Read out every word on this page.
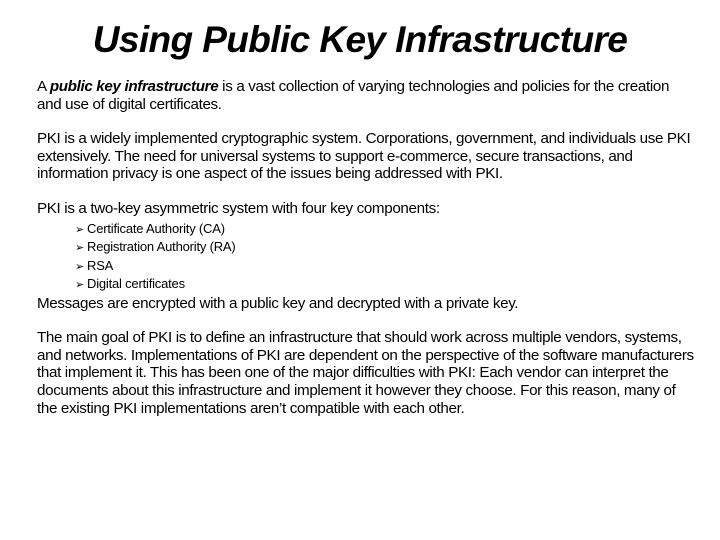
Using Public Key Infrastructure

A public key infrastructure is a vast collection of varying technologies and policies for the creation and use of digital certificates.

PKI is a widely implemented cryptographic system. Corporations, government, and individuals use PKI extensively. The need for universal systems to support e-commerce, secure transactions, and information privacy is one aspect of the issues being addressed with PKI.

PKI is a two-key asymmetric system with four key components:

➢ Certificate Authority (CA)
➢ Registration Authority (RA)
➢ RSA
➢ Digital certificates

Messages are encrypted with a public key and decrypted with a private key.

The main goal of PKI is to define an infrastructure that should work across multiple vendors, systems, and networks. Implementations of PKI are dependent on the perspective of the software manufacturers that implement it. This has been one of the major difficulties with PKI: Each vendor can interpret the documents about this infrastructure and implement it however they choose. For this reason, many of the existing PKI implementations aren’t compatible with each other.
